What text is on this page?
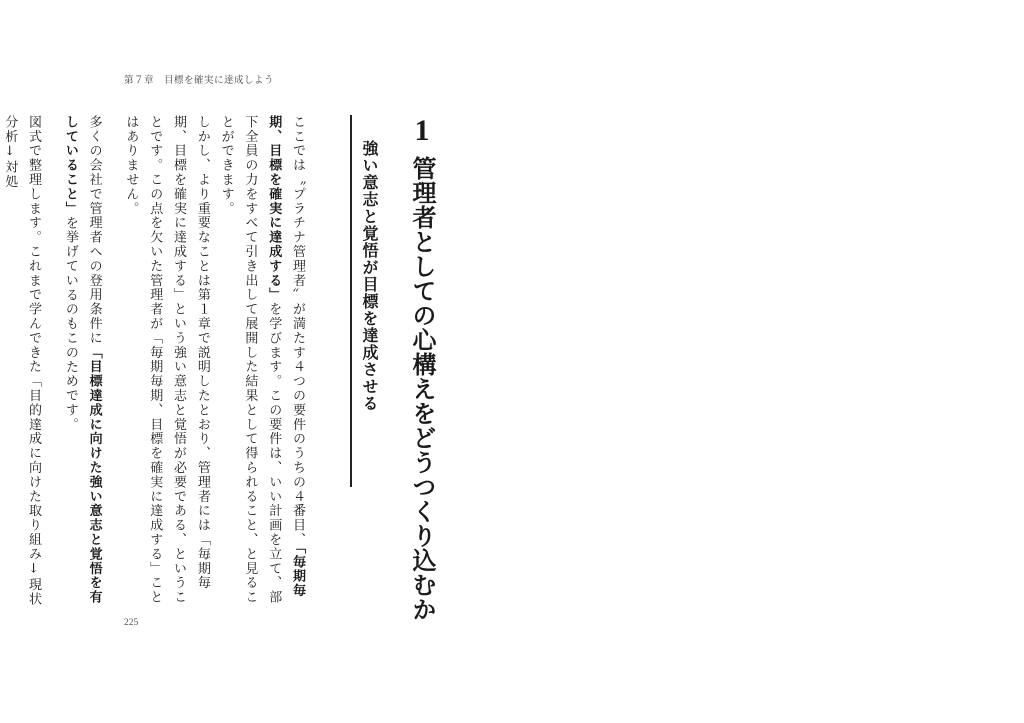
第７章　目標を確実に達成しよう
1
管理者としての心構えをどうつくり込むか
強い意志と覚悟が目標を達成させる

ここでは〝プラチナ管理者〟が満たす４つの要件のうちの４番目、「毎期毎期、目標を確実に達成する」を学びます。この要件は、いい計画を立て、部下全員の力をすべて引き出して展開した結果として得られること、と見ることができます。

しかし、より重要なことは第１章で説明したとおり、管理者には「毎期毎期、目標を確実に達成する」という強い意志と覚悟が必要である、ということです。この点を欠いた管理者が「毎期毎期、目標を確実に達成する」ことはありません。

多くの会社で管理者への登用条件に「目標達成に向けた強い意志と覚悟を有していること」を挙げているのもこのためです。

図式で整理します。これまで学んできた「目的達成に向けた取り組み↓現状分析↓対処

225
